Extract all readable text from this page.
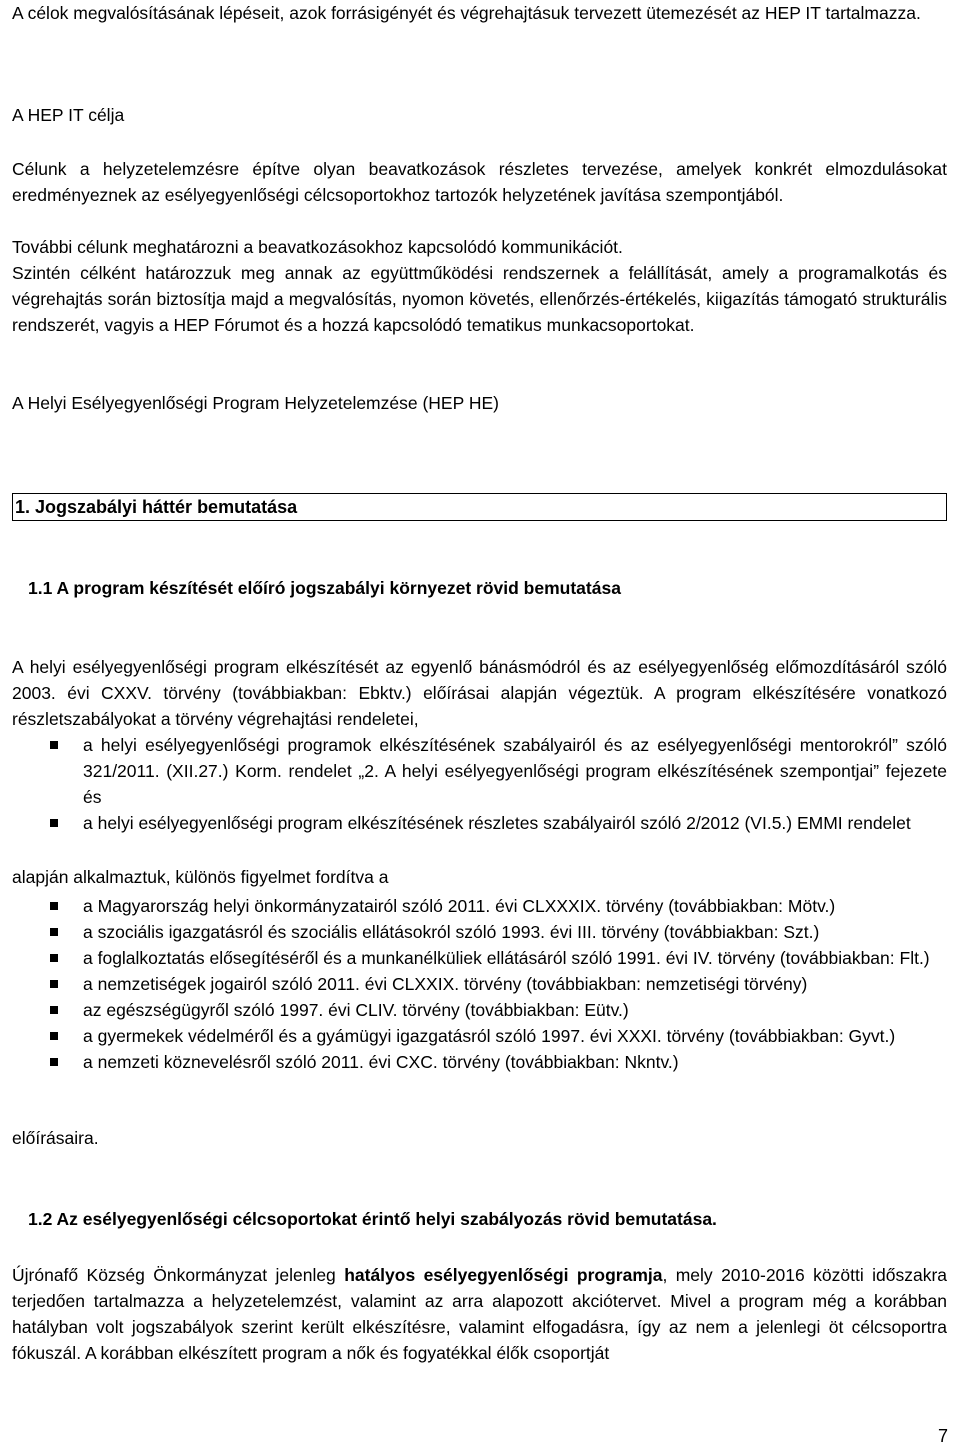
A célok megvalósításának lépéseit, azok forrásigényét és végrehajtásuk tervezett ütemezését az HEP IT tartalmazza.

A HEP IT célja

Célunk a helyzetelemzésre építve olyan beavatkozások részletes tervezése, amelyek konkrét elmozdulásokat eredményeznek az esélyegyenlőségi célcsoportokhoz tartozók helyzetének javítása szempontjából.

További célunk meghatározni a beavatkozásokhoz kapcsolódó kommunikációt.

Szintén célként határozzuk meg annak az együttműködési rendszernek a felállítását, amely a programalkotás és végrehajtás során biztosítja majd a megvalósítás, nyomon követés, ellenőrzés-értékelés, kiigazítás támogató strukturális rendszerét, vagyis a HEP Fórumot és a hozzá kapcsolódó tematikus munkacsoportokat.

A Helyi Esélyegyenlőségi Program Helyzetelemzése (HEP HE)

1. Jogszabályi háttér bemutatása

1.1 A program készítését előíró jogszabályi környezet rövid bemutatása

A helyi esélyegyenlőségi program elkészítését az egyenlő bánásmódról és az esélyegyenlőség előmozdításáról szóló 2003. évi CXXV. törvény (továbbiakban: Ebktv.) előírásai alapján végeztük. A program elkészítésére vonatkozó részletszabályokat a törvény végrehajtási rendeletei,

a helyi esélyegyenlőségi programok elkészítésének szabályairól és az esélyegyenlőségi mentorokról” szóló 321/2011. (XII.27.) Korm. rendelet „2. A helyi esélyegyenlőségi program elkészítésének szempontjai” fejezete és
a helyi esélyegyenlőségi program elkészítésének részletes szabályairól szóló 2/2012 (VI.5.) EMMI rendelet

alapján alkalmaztuk, különös figyelmet fordítva a

a Magyarország helyi önkormányzatairól szóló 2011. évi CLXXXIX. törvény (továbbiakban: Mötv.)
a szociális igazgatásról és szociális ellátásokról szóló 1993. évi III. törvény (továbbiakban: Szt.)
a foglalkoztatás elősegítéséről és a munkanélküliek ellátásáról szóló 1991. évi IV. törvény (továbbiakban: Flt.)
a nemzetiségek jogairól szóló 2011. évi CLXXIX. törvény (továbbiakban: nemzetiségi törvény)
az egészségügyről szóló 1997. évi CLIV. törvény (továbbiakban: Eütv.)
a gyermekek védelméről és a gyámügyi igazgatásról szóló 1997. évi XXXI. törvény (továbbiakban: Gyvt.)
a nemzeti köznevelésről szóló 2011. évi CXC. törvény (továbbiakban: Nkntv.)

előírásaira.

1.2 Az esélyegyenlőségi célcsoportokat érintő helyi szabályozás rövid bemutatása.

Újrónafő Község Önkormányzat jelenleg hatályos esélyegyenlőségi programja, mely 2010-2016 közötti időszakra terjedően tartalmazza a helyzetelemzést, valamint az arra alapozott akciótervet. Mivel a program még a korábban hatályban volt jogszabályok szerint került elkészítésre, valamint elfogadásra, így az nem a jelenlegi öt célcsoportra fókuszál. A korábban elkészített program a nők és fogyatékkal élők csoportját

7
